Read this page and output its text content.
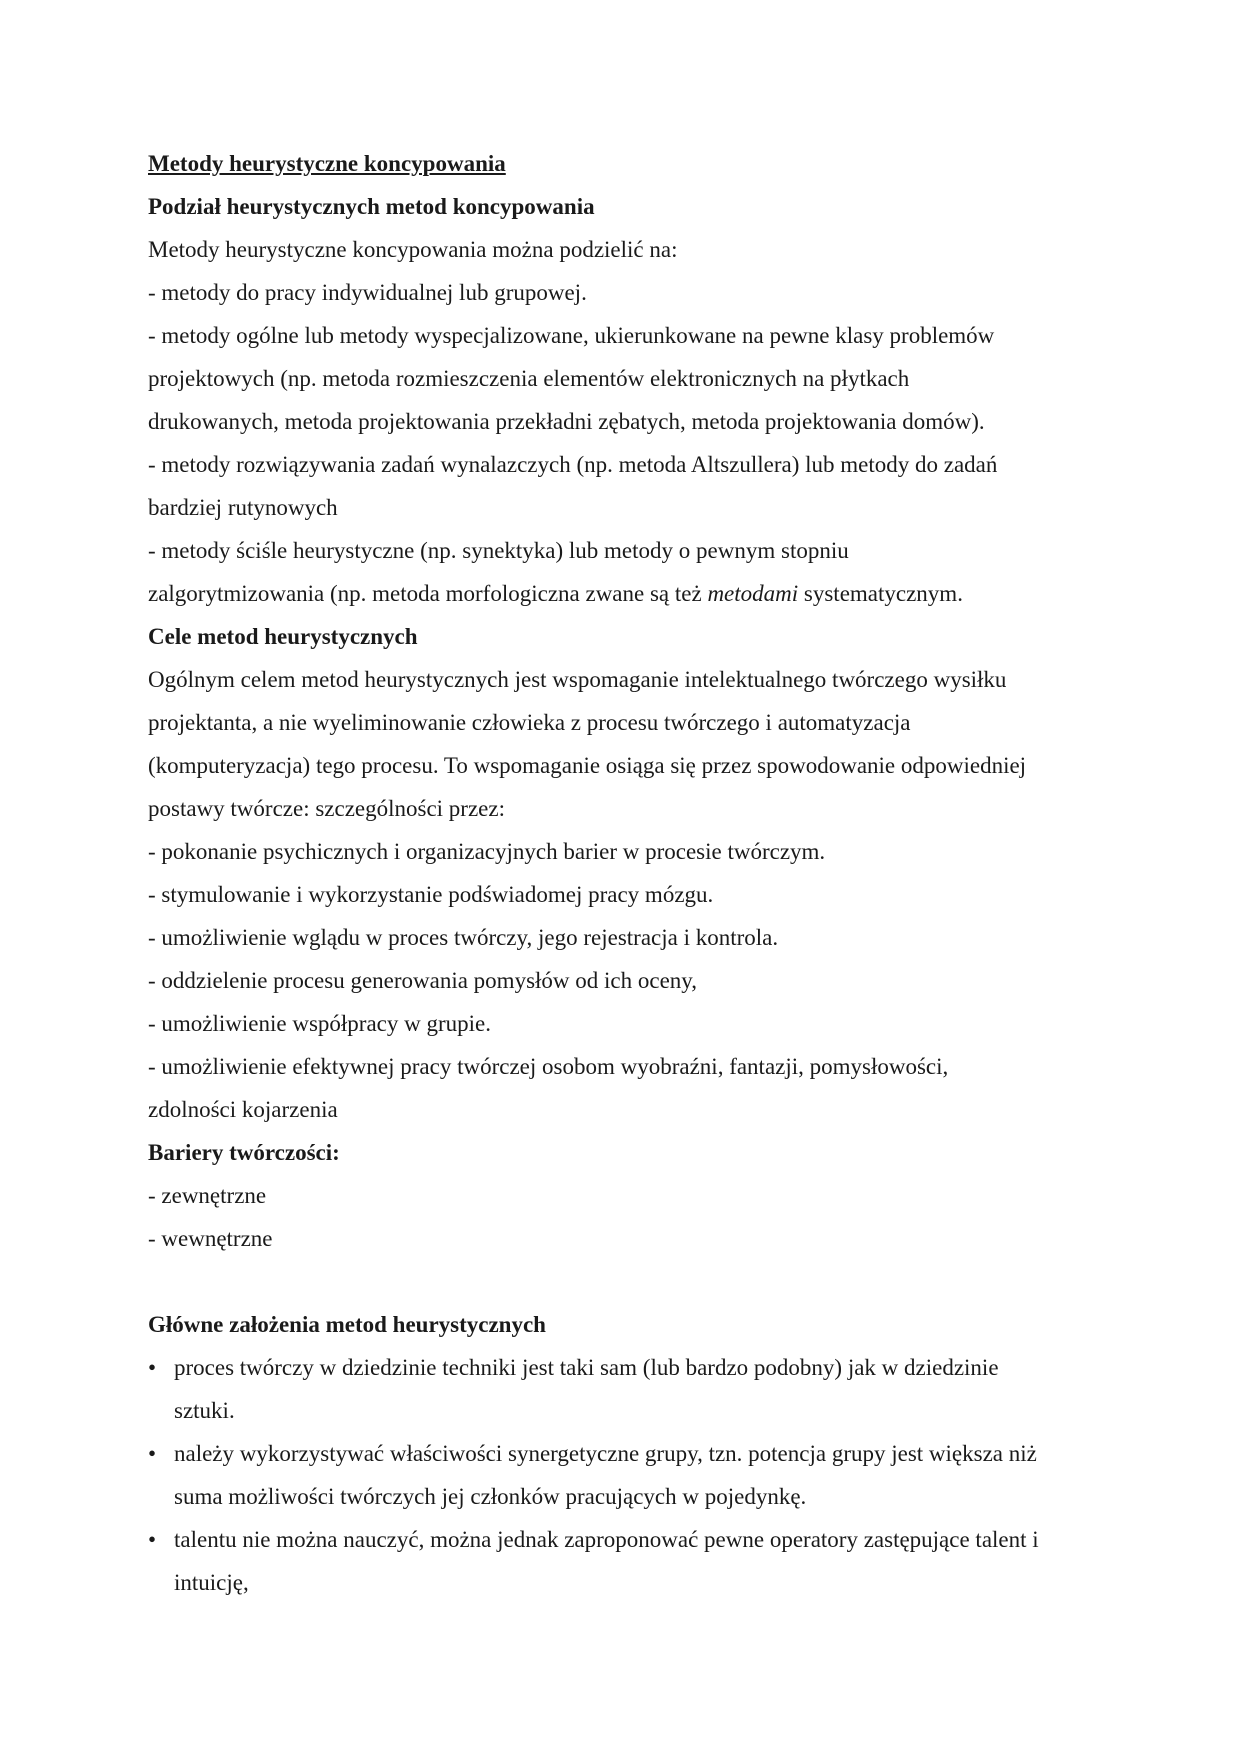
Metody heurystyczne koncypowania

Podział heurystycznych metod koncypowania

Metody heurystyczne koncypowania można podzielić na:

- metody do pracy indywidualnej lub grupowej.

- metody ogólne lub metody wyspecjalizowane, ukierunkowane na pewne klasy problemów

projektowych (np. metoda rozmieszczenia elementów elektronicznych na płytkach

drukowanych, metoda projektowania przekładni zębatych, metoda projektowania domów).

- metody rozwiązywania zadań wynalazczych (np. metoda Altszullera) lub metody do zadań

bardziej rutynowych

- metody ściśle heurystyczne (np. synektyka) lub metody o pewnym stopniu

zalgorytmizowania (np. metoda morfologiczna zwane są też metodami systematycznym.

Cele metod heurystycznych

Ogólnym celem metod heurystycznych jest wspomaganie intelektualnego twórczego wysiłku

projektanta, a nie wyeliminowanie człowieka z procesu twórczego i automatyzacja

(komputeryzacja) tego procesu. To wspomaganie osiąga się przez spowodowanie odpowiedniej

postawy twórcze: szczególności przez:

- pokonanie psychicznych i organizacyjnych barier w procesie twórczym.

- stymulowanie i wykorzystanie podświadomej pracy mózgu.

- umożliwienie wglądu w proces twórczy, jego rejestracja i kontrola.

- oddzielenie procesu generowania pomysłów od ich oceny,

- umożliwienie współpracy w grupie.

- umożliwienie efektywnej pracy twórczej osobom wyobraźni, fantazji, pomysłowości,

zdolności kojarzenia

Bariery twórczości:

- zewnętrzne

- wewnętrzne

Główne założenia metod heurystycznych

• proces twórczy w dziedzinie techniki jest taki sam (lub bardzo podobny) jak w dziedzinie
sztuki.
• należy wykorzystywać właściwości synergetyczne grupy, tzn. potencja grupy jest większa niż
suma możliwości twórczych jej członków pracujących w pojedynkę.
• talentu nie można nauczyć, można jednak zaproponować pewne operatory zastępujące talent i
intuicję,
